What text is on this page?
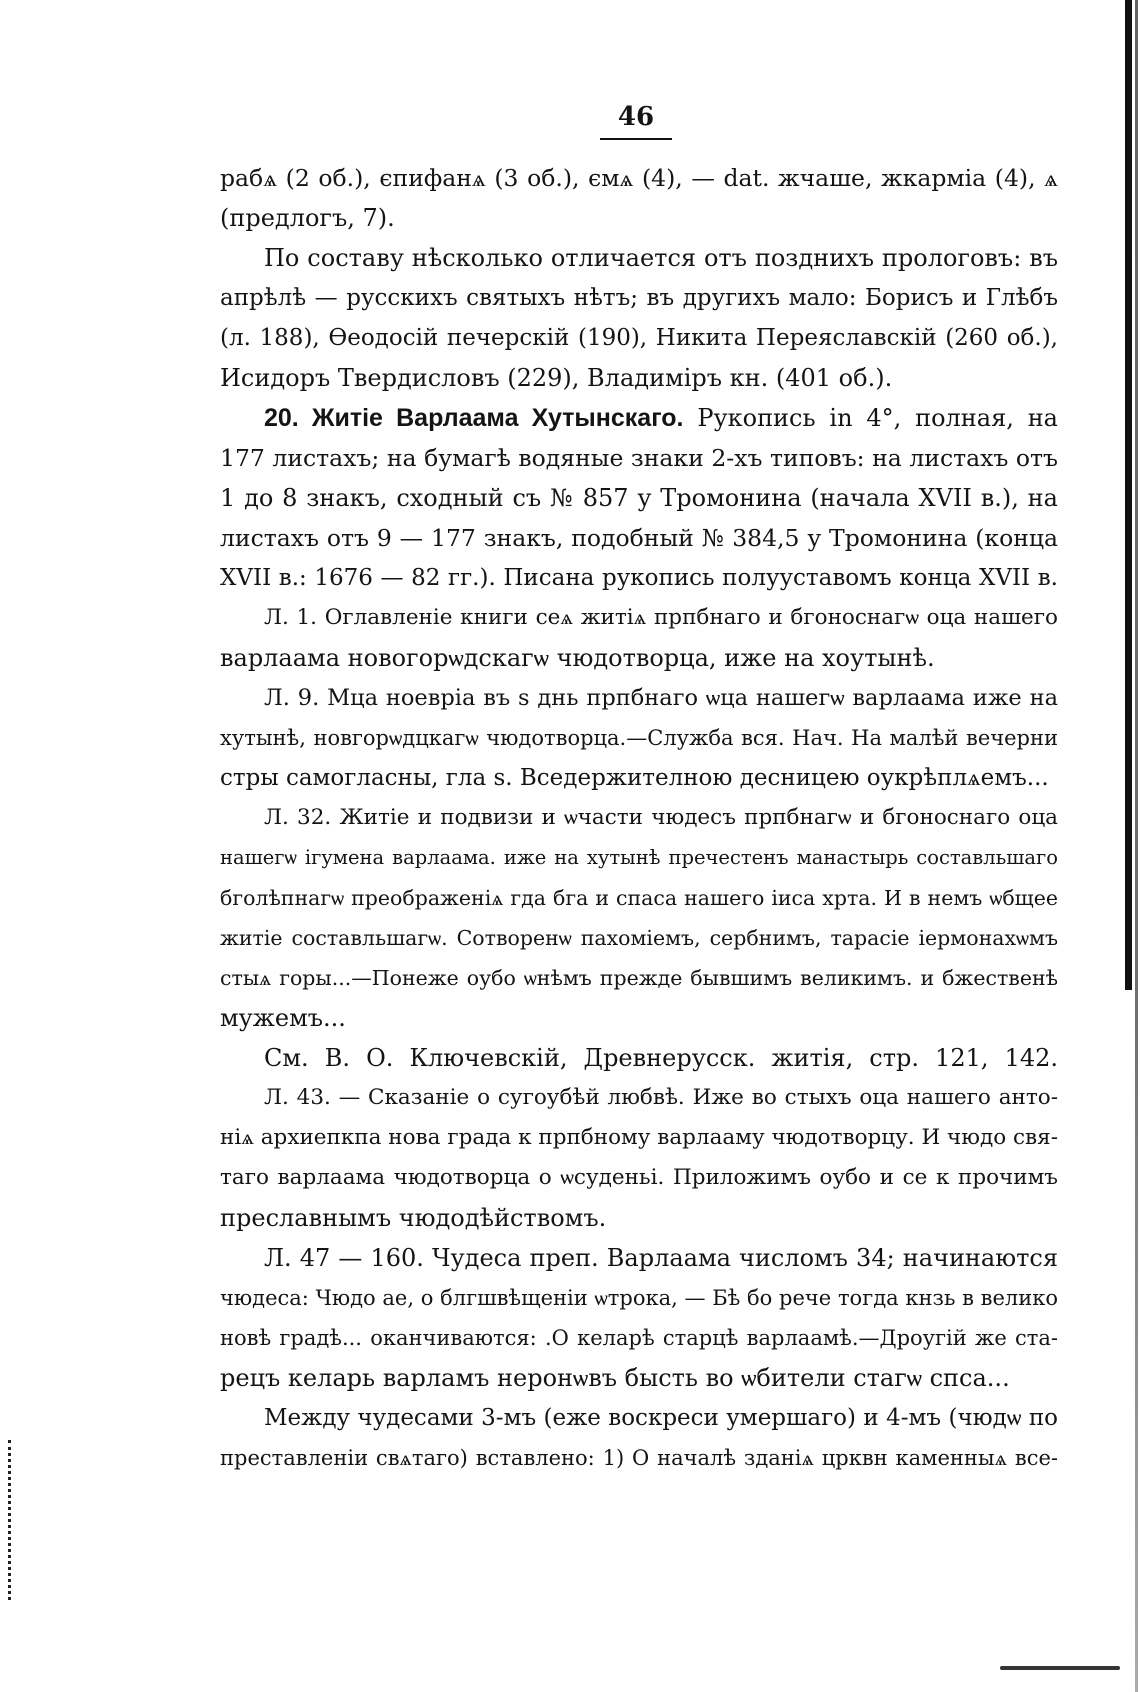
46
рабѧ (2 об.), єпифанѧ (3 об.), ємѧ (4), — dat. жчаше, жкарміа (4), ѧ
(предлогъ, 7).
По составу нѣсколько отличается отъ позднихъ прологовъ: въ
апрѣлѣ — русскихъ святыхъ нѣтъ; въ другихъ мало: Борисъ и Глѣбъ
(л. 188), Ѳеодосій печерскій (190), Никита Переяславскій (260 об.),
Исидоръ Твердисловъ (229), Владиміръ кн. (401 об.).
20. Житіе Варлаама Хутынскаго. Рукопись in 4°, полная, на
177 листахъ; на бумагѣ водяные знаки 2-хъ типовъ: на листахъ отъ
1 до 8 знакъ, сходный съ № 857 у Тромонина (начала XVII в.), на
листахъ отъ 9 — 177 знакъ, подобный № 384,5 у Тромонина (конца
XVII в.: 1676 — 82 гг.). Писана рукопись полууставомъ конца XVII в.
Л. 1. Оглавленіе книги сеѧ житіѧ прпбнаго и бгоноснагѡ оца нашего
варлаама новогорѡдскагѡ чюдотворца, иже на хоутынѣ.
Л. 9. Мца ноеврiа въ ѕ днь прпбнаго ѡца нашегѡ варлаама иже на
хутынѣ, новгорѡдцкагѡ чюдотворца.—Служба вся. Нач. На малѣй вечерни
стры самогласны, гла ѕ. Вседержителною десницею оукрѣплѧемъ...
Л. 32. Житіе и подвизи и ѡчасти чюдесъ прпбнагѡ и бгоноснаго оца
нашегѡ ігумена варлаама. иже на хутынѣ пречестенъ манастырь составльшаго
бголѣпнагѡ преображеніѧ гда бга и спаса нашего іиса хрта. И в немъ ѡбщее
житіе составльшагѡ. Сотворенѡ пахоміемъ, сербнимъ, тарасіе іермонахѡмъ
стыѧ горы...—Понеже оубо ѡнѣмъ прежде бывшимъ великимъ. и бжественѣ
мужемъ...
См. В. О. Ключевскій, Древнерусск. житія, стр. 121, 142.
Л. 43. — Сказаніе о сугоубѣй любвѣ. Иже во стыхъ оца нашего анто-
ніѧ архиепкпа нова града к прпбному варлааму чюдотворцу. И чюдо свя-
таго варлаама чюдотворца о ѡсуденьі. Приложимъ оубо и се к прочимъ
преславнымъ чюдодѣйствомъ.
Л. 47 — 160. Чудеса преп. Варлаама числомъ 34; начинаются
чюдеса: Чюдо ае, о блгшвѣщеніи ѡтрока, — Бѣ бо рече тогда кнзь в велико
новѣ градѣ... оканчиваются: .О келарѣ старцѣ варлаамѣ.—Дроугій же ста-
рецъ келарь варламъ неронѡвъ бысть во ѡбители стагѡ спса...
Между чудесами 3-мъ (еже воскреси умершаго) и 4-мъ (чюдѡ по
преставленіи свѧтаго) вставлено: 1) О началѣ зданіѧ црквн каменныѧ все-
